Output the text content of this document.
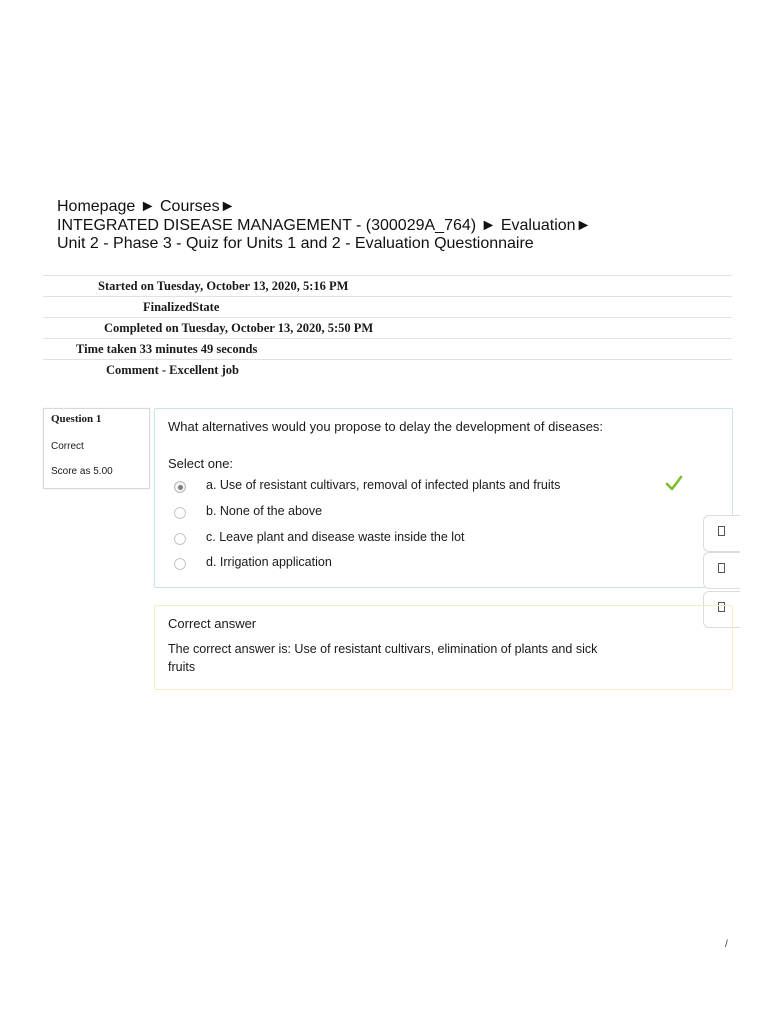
Homepage ► Courses►
INTEGRATED DISEASE MANAGEMENT - (300029A_764) ► Evaluation►
Unit 2 - Phase 3 - Quiz for Units 1 and 2 - Evaluation Questionnaire
Started on Tuesday, October 13, 2020, 5:16 PM
FinalizedState
Completed on Tuesday, October 13, 2020, 5:50 PM
Time taken 33 minutes 49 seconds
Comment - Excellent job
Question 1
Correct
Score as 5.00
What alternatives would you propose to delay the development of diseases:
Select one:
a. Use of resistant cultivars, removal of infected plants and fruits
b. None of the above
c. Leave plant and disease waste inside the lot
d. Irrigation application
Correct answer
The correct answer is: Use of resistant cultivars, elimination of plants and sick fruits
/
